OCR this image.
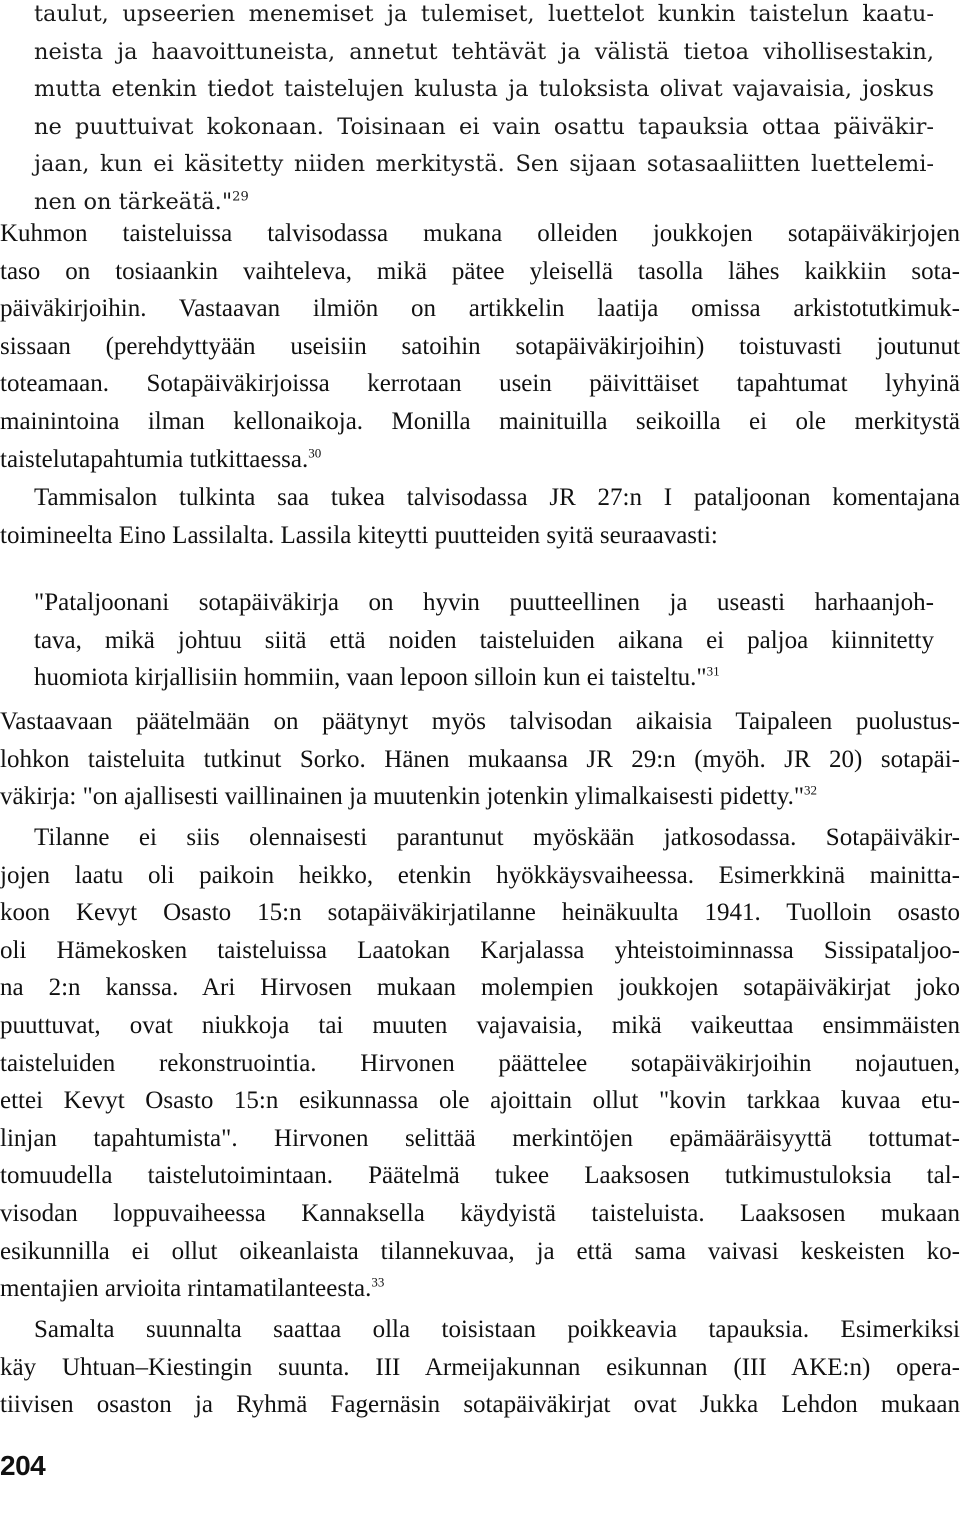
taulut, upseerien menemiset ja tulemiset, luettelot kunkin taistelun kaatu-
neista ja haavoittuneista, annetut tehtävät ja välistä tietoa vihollisestakin,
mutta etenkin tiedot taistelujen kulusta ja tuloksista olivat vajavaisia, joskus
ne puuttuivat kokonaan. Toisinaan ei vain osattu tapauksia ottaa päiväkir-
jaan, kun ei käsitetty niiden merkitystä. Sen sijaan sotasaaliitten luettelemi-
nen on tärkeätä."$^{29}$
Kuhmon taisteluissa talvisodassa mukana olleiden joukkojen sotapäiväkirjojen
taso on tosiaankin vaihteleva, mikä pätee yleisellä tasolla lähes kaikkiin sota-
päiväkirjoihin. Vastaavan ilmiön on artikkelin laatija omissa arkistotutkimuk-
sissaan (perehdyttyään useisiin satoihin sotapäiväkirjoihin) toistuvasti joutunut
toteamaan. Sotapäiväkirjoissa kerrotaan usein päivittäiset tapahtumat lyhyinä
mainintoina ilman kellonaikoja. Monilla mainituilla seikoilla ei ole merkitystä
taistelutapahtumia tutkittaessa.$^{30}$
Tammisalon tulkinta saa tukea talvisodassa JR 27:n I pataljoonan komentajana
toimineelta Eino Lassilalta. Lassila kiteytti puutteiden syitä seuraavasti:
"Pataljoonani sotapäiväkirja on hyvin puutteellinen ja useasti harhaanjoh-
tava, mikä johtuu siitä että noiden taisteluiden aikana ei paljoa kiinnitetty
huomiota kirjallisiin hommiin, vaan lepoon silloin kun ei taisteltu."$^{31}$
Vastaavaan päätelmään on päätynyt myös talvisodan aikaisia Taipaleen puolustus-
lohkon taisteluita tutkinut Sorko. Hänen mukaansa JR 29:n (myöh. JR 20) sotapäi-
väkirja: "on ajallisesti vaillinainen ja muutenkin jotenkin ylimalkaisesti pidetty."$^{32}$
Tilanne ei siis olennaisesti parantunut myöskään jatkosodassa. Sotapäiväkir-
jojen laatu oli paikoin heikko, etenkin hyökkäysvaiheessa. Esimerkkinä mainitta-
koon Kevyt Osasto 15:n sotapäiväkirjatilanne heinäkuulta 1941. Tuolloin osasto
oli Hämekosken taisteluissa Laatokan Karjalassa yhteistoiminnassa Sissipataljoo-
na 2:n kanssa. Ari Hirvosen mukaan molempien joukkojen sotapäiväkirjat joko
puuttuvat, ovat niukkoja tai muuten vajavaisia, mikä vaikeuttaa ensimmäisten
taisteluiden rekonstruointia. Hirvonen päättelee sotapäiväkirjoihin nojautuen,
ettei Kevyt Osasto 15:n esikunnassa ole ajoittain ollut "kovin tarkkaa kuvaa etu-
linjan tapahtumista". Hirvonen selittää merkintöjen epämääräisyyttä tottumat-
tomuudella taistelutoimintaan. Päätelmä tukee Laaksosen tutkimustuloksia tal-
visodan loppuvaiheessa Kannaksella käydyistä taisteluista. Laaksosen mukaan
esikunnilla ei ollut oikeanlaista tilannekuvaa, ja että sama vaivasi keskeisten ko-
mentajien arvioita rintamatilanteesta.$^{33}$
Samalta suunnalta saattaa olla toisistaan poikkeavia tapauksia. Esimerkiksi
käy Uhtuan–Kiestingin suunta. III Armeijakunnan esikunnan (III AKE:n) opera-
tiivisen osaston ja Ryhmä Fagernäsin sotapäiväkirjat ovat Jukka Lehdon mukaan
204
